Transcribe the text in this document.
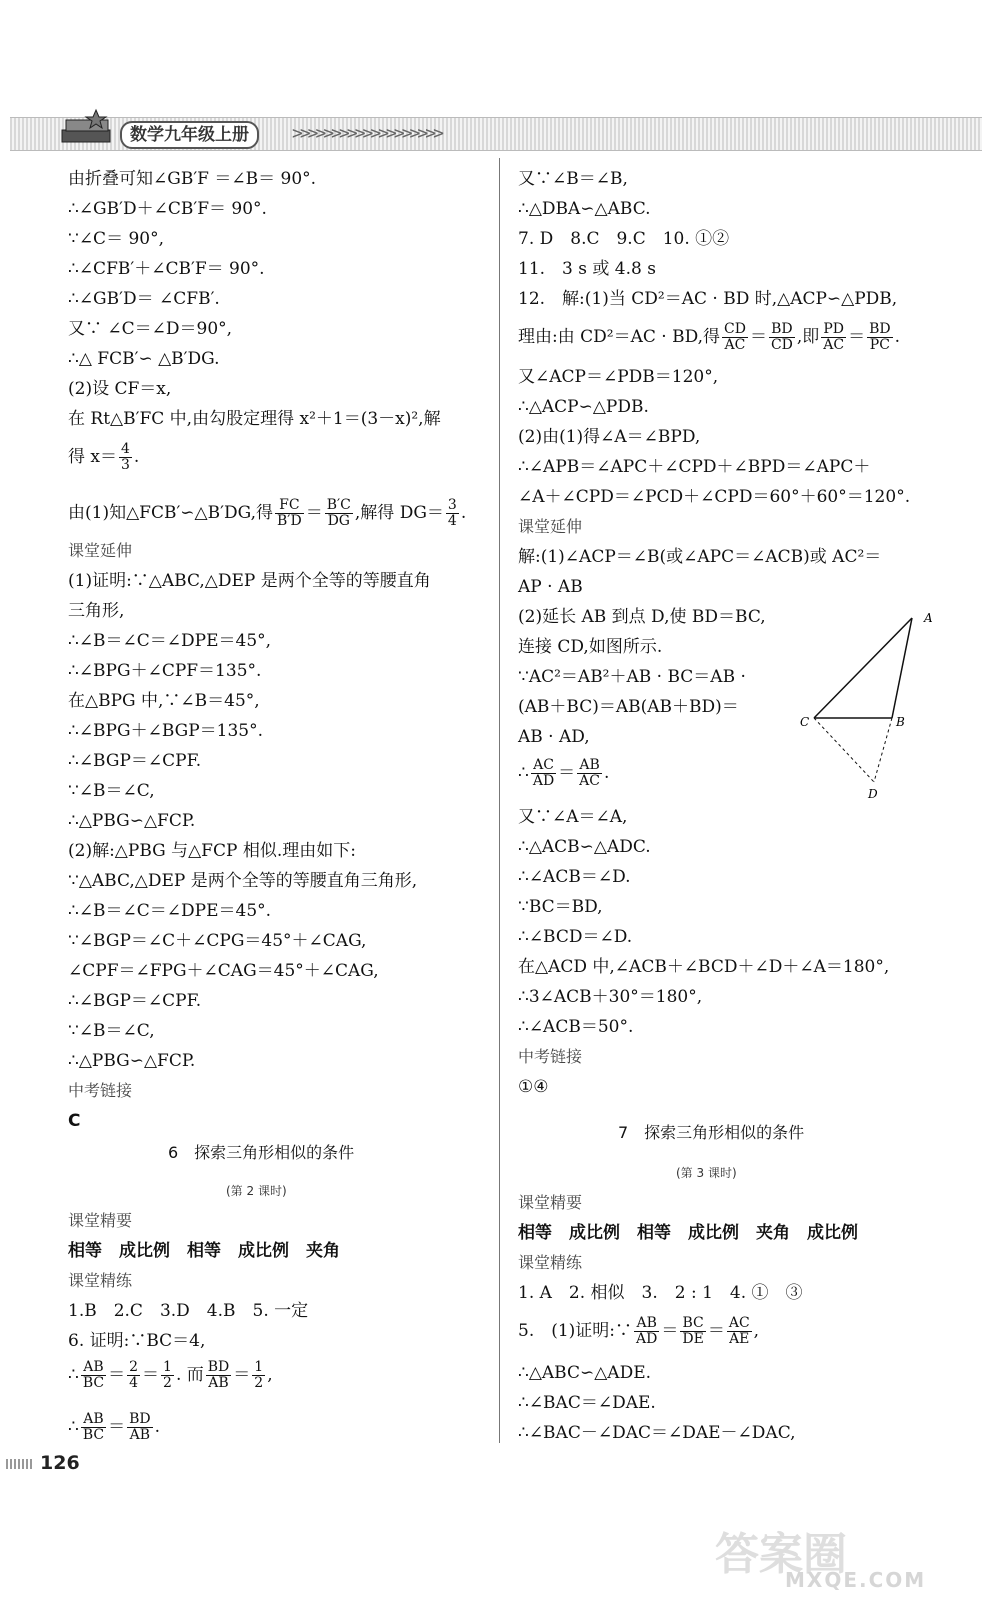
数学九年级上册	>>>>>>>>>>>>>>>>>>>
由折叠可知∠GB′F ＝∠B＝ 90°.
∴∠GB′D＋∠CB′F＝ 90°.
∵∠C＝ 90°,
∴∠CFB′＋∠CB′F＝ 90°.
∴∠GB′D＝ ∠CFB′.
又∵ ∠C＝∠D＝90°,
∴△ FCB′∽ △B′DG.
(2)设 CF＝x,
在 Rt△B′FC 中,由勾股定理得 x²＋1＝(3－x)²,解
得 $x= \frac{4}{3}$ .
由(1)知△FCB′∽△B′DG,得 $\frac{FC}{B'D} = \frac{B'C}{DG}$ ,解得 $DG= \frac{3}{4}$ .
课堂延伸
(1)证明:∵△ABC,△DEP 是两个全等的等腰直角
三角形,
∴∠B＝∠C＝∠DPE＝45°,
∴∠BPG＋∠CPF＝135°.
在△BPG 中,∵∠B＝45°,
∴∠BPG＋∠BGP＝135°.
∴∠BGP＝∠CPF.
∵∠B＝∠C,
∴△PBG∽△FCP.
(2)解:△PBG 与△FCP 相似.理由如下:
∵△ABC,△DEP 是两个全等的等腰直角三角形,
∴∠B＝∠C＝∠DPE＝45°.
∵∠BGP＝∠C＋∠CPG＝45°＋∠CAG,
∠CPF＝∠FPG＋∠CAG＝45°＋∠CAG,
∴∠BGP＝∠CPF.
∵∠B＝∠C,
∴△PBG∽△FCP.
中考链接
C
6　探索三角形相似的条件
(第 2 课时)
课堂精要
相等　成比例　相等　成比例　夹角
课堂精练
1.B　2.C　3.D　4.B　5. 一定
6. 证明:∵BC＝4,
∴ $\frac{AB}{BC} = \frac{2}{4} = \frac{1}{2}$ . 而 $\frac{BD}{AB} = \frac{1}{2}$ ,
∴ $\frac{AB}{BC} = \frac{BD}{AB}$ .
又∵∠B＝∠B,
∴△DBA∽△ABC.
7. D　8.C　9.C　10. ①②
11.　3 s 或 4.8 s
12.　解:(1)当 CD²＝AC · BD 时,△ACP∽△PDB,
理由:由 CD²＝AC · BD,得 $\frac{CD}{AC} = \frac{BD}{CD}$ ,即 $\frac{PD}{AC} = \frac{BD}{PC}$ .
又∠ACP＝∠PDB＝120°,
∴△ACP∽△PDB.
(2)由(1)得∠A＝∠BPD,
∴∠APB＝∠APC＋∠CPD＋∠BPD＝∠APC＋
∠A＋∠CPD＝∠PCD＋∠CPD＝60°＋60°＝120°.
课堂延伸
解:(1)∠ACP＝∠B(或∠APC＝∠ACB)或 AC²＝
AP · AB
(2)延长 AB 到点 D,使 BD＝BC,
连接 CD,如图所示.
∵AC²＝AB²＋AB · BC＝AB ·
(AB＋BC)＝AB(AB＋BD)＝
AB · AD,
∴ $\frac{AC}{AD} = \frac{AB}{AC}$ .
又∵∠A＝∠A,
∴△ACB∽△ADC.
∴∠ACB＝∠D.
∵BC＝BD,
∴∠BCD＝∠D.
在△ACD 中,∠ACB＋∠BCD＋∠D＋∠A＝180°,
∴3∠ACB＋30°＝180°,
∴∠ACB＝50°.
中考链接
①④
7　探索三角形相似的条件
(第 3 课时)
课堂精要
相等　成比例　相等　成比例　夹角　成比例
课堂精练
1. A　2. 相似　3.　2 : 1　4. ①　③
5.　(1)证明:∵ $\frac{AB}{AD} = \frac{BC}{DE} = \frac{AC}{AE}$ ,
∴△ABC∽△ADE.
∴∠BAC＝∠DAE.
∴∠BAC－∠DAC＝∠DAE－∠DAC,
A
B
C
D
126
答案圈
MXQE.COM
